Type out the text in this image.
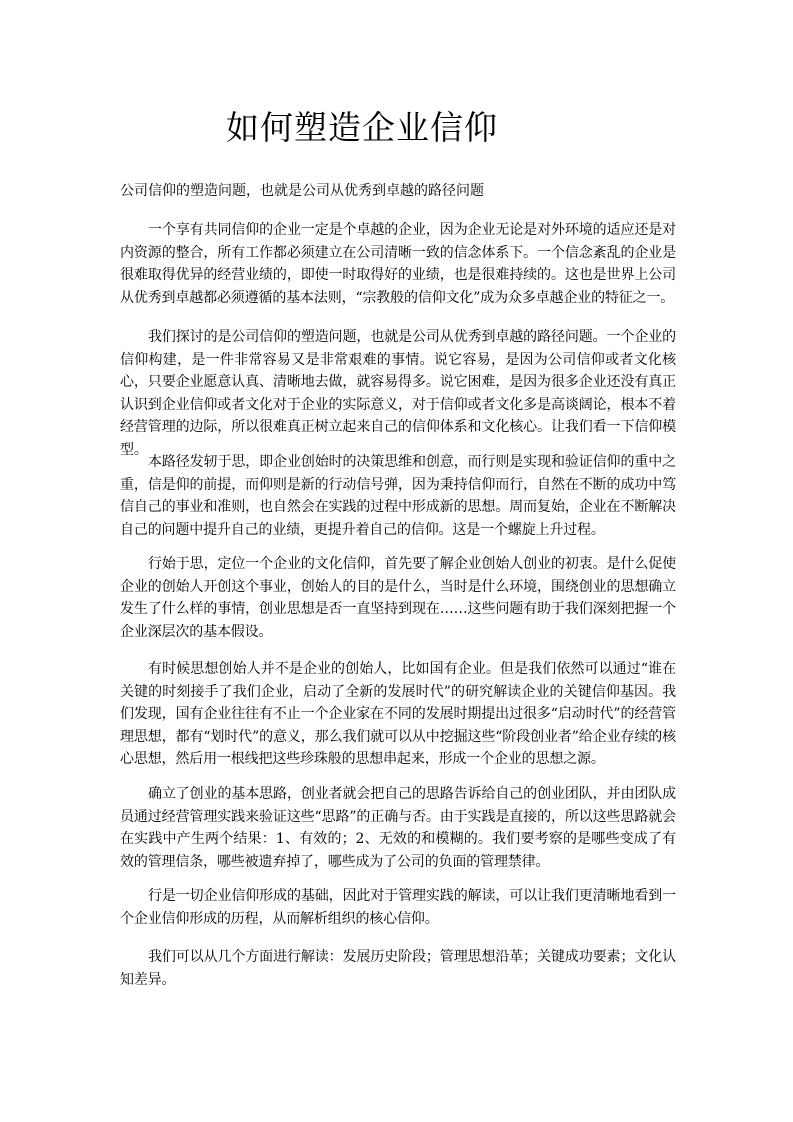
如何塑造企业信仰
公司信仰的塑造问题，也就是公司从优秀到卓越的路径问题

一个享有共同信仰的企业一定是个卓越的企业，因为企业无论是对外环境的适应还是对内资源的整合，所有工作都必须建立在公司清晰一致的信念体系下。一个信念紊乱的企业是很难取得优异的经营业绩的，即使一时取得好的业绩，也是很难持续的。这也是世界上公司从优秀到卓越都必须遵循的基本法则，“宗教般的信仰文化”成为众多卓越企业的特征之一。

我们探讨的是公司信仰的塑造问题，也就是公司从优秀到卓越的路径问题。一个企业的信仰构建，是一件非常容易又是非常艰难的事情。说它容易，是因为公司信仰或者文化核心，只要企业愿意认真、清晰地去做，就容易得多。说它困难，是因为很多企业还没有真正认识到企业信仰或者文化对于企业的实际意义，对于信仰或者文化多是高谈阔论，根本不着经营管理的边际，所以很难真正树立起来自己的信仰体系和文化核心。让我们看一下信仰模型。

本路径发轫于思，即企业创始时的决策思维和创意，而行则是实现和验证信仰的重中之重，信是仰的前提，而仰则是新的行动信号弹，因为秉持信仰而行，自然在不断的成功中笃信自己的事业和准则，也自然会在实践的过程中形成新的思想。周而复始，企业在不断解决自己的问题中提升自己的业绩，更提升着自己的信仰。这是一个螺旋上升过程。

行始于思，定位一个企业的文化信仰，首先要了解企业创始人创业的初衷。是什么促使企业的创始人开创这个事业，创始人的目的是什么，当时是什么环境，围绕创业的思想确立发生了什么样的事情，创业思想是否一直坚持到现在……这些问题有助于我们深刻把握一个企业深层次的基本假设。

有时候思想创始人并不是企业的创始人，比如国有企业。但是我们依然可以通过“谁在关键的时刻接手了我们企业，启动了全新的发展时代”的研究解读企业的关键信仰基因。我们发现，国有企业往往有不止一个企业家在不同的发展时期提出过很多“启动时代”的经营管理思想，都有“划时代”的意义，那么我们就可以从中挖掘这些“阶段创业者”给企业存续的核心思想，然后用一根线把这些珍珠般的思想串起来，形成一个企业的思想之源。

确立了创业的基本思路，创业者就会把自己的思路告诉给自己的创业团队，并由团队成员通过经营管理实践来验证这些“思路”的正确与否。由于实践是直接的，所以这些思路就会在实践中产生两个结果：1、有效的；2、无效的和模糊的。我们要考察的是哪些变成了有效的管理信条，哪些被遗弃掉了，哪些成为了公司的负面的管理禁律。

行是一切企业信仰形成的基础，因此对于管理实践的解读，可以让我们更清晰地看到一个企业信仰形成的历程，从而解析组织的核心信仰。

我们可以从几个方面进行解读：发展历史阶段；管理思想沿革；关键成功要素；文化认知差异。
